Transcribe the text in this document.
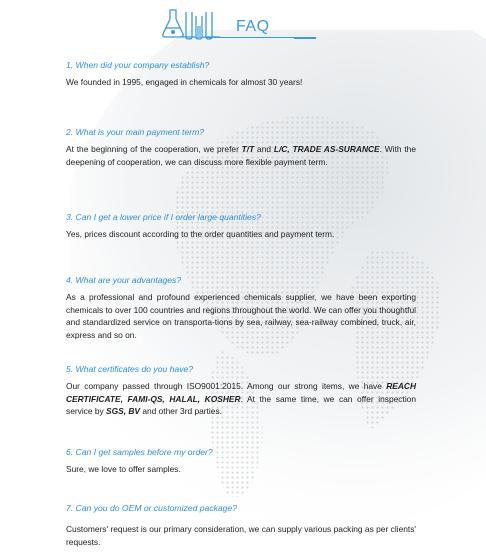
FAQ

1. When did your company establish?

We founded in 1995, engaged in chemicals for almost 30 years!

2. What is your main payment term?

At the beginning of the cooperation, we prefer T/T and L/C, TRADE AS-SURANCE. With the deepening of cooperation, we can discuss more flexible payment term.

3. Can I get a lower price if I order large quantities?

Yes, prices discount according to the order quantities and payment term.

4. What are your advantages?

As a professional and profound experienced chemicals supplier, we have been exporting chemicals to over 100 countries and regions throughout the world. We can offer you thoughtful and standardized service on transporta-tions by sea, railway, sea-railway combined, truck, air, express and so on.

5. What certificates do you have?

Our company passed through ISO9001:2015. Among our strong items, we have REACH CERTIFICATE, FAMI-QS, HALAL, KOSHER. At the same time, we can offer inspection service by SGS, BV and other 3rd parties.

6. Can I get samples before my order?

Sure, we love to offer samples.

7. Can you do OEM or customized package?

Customers' request is our primary consideration, we can supply various packing as per clients' requests.
